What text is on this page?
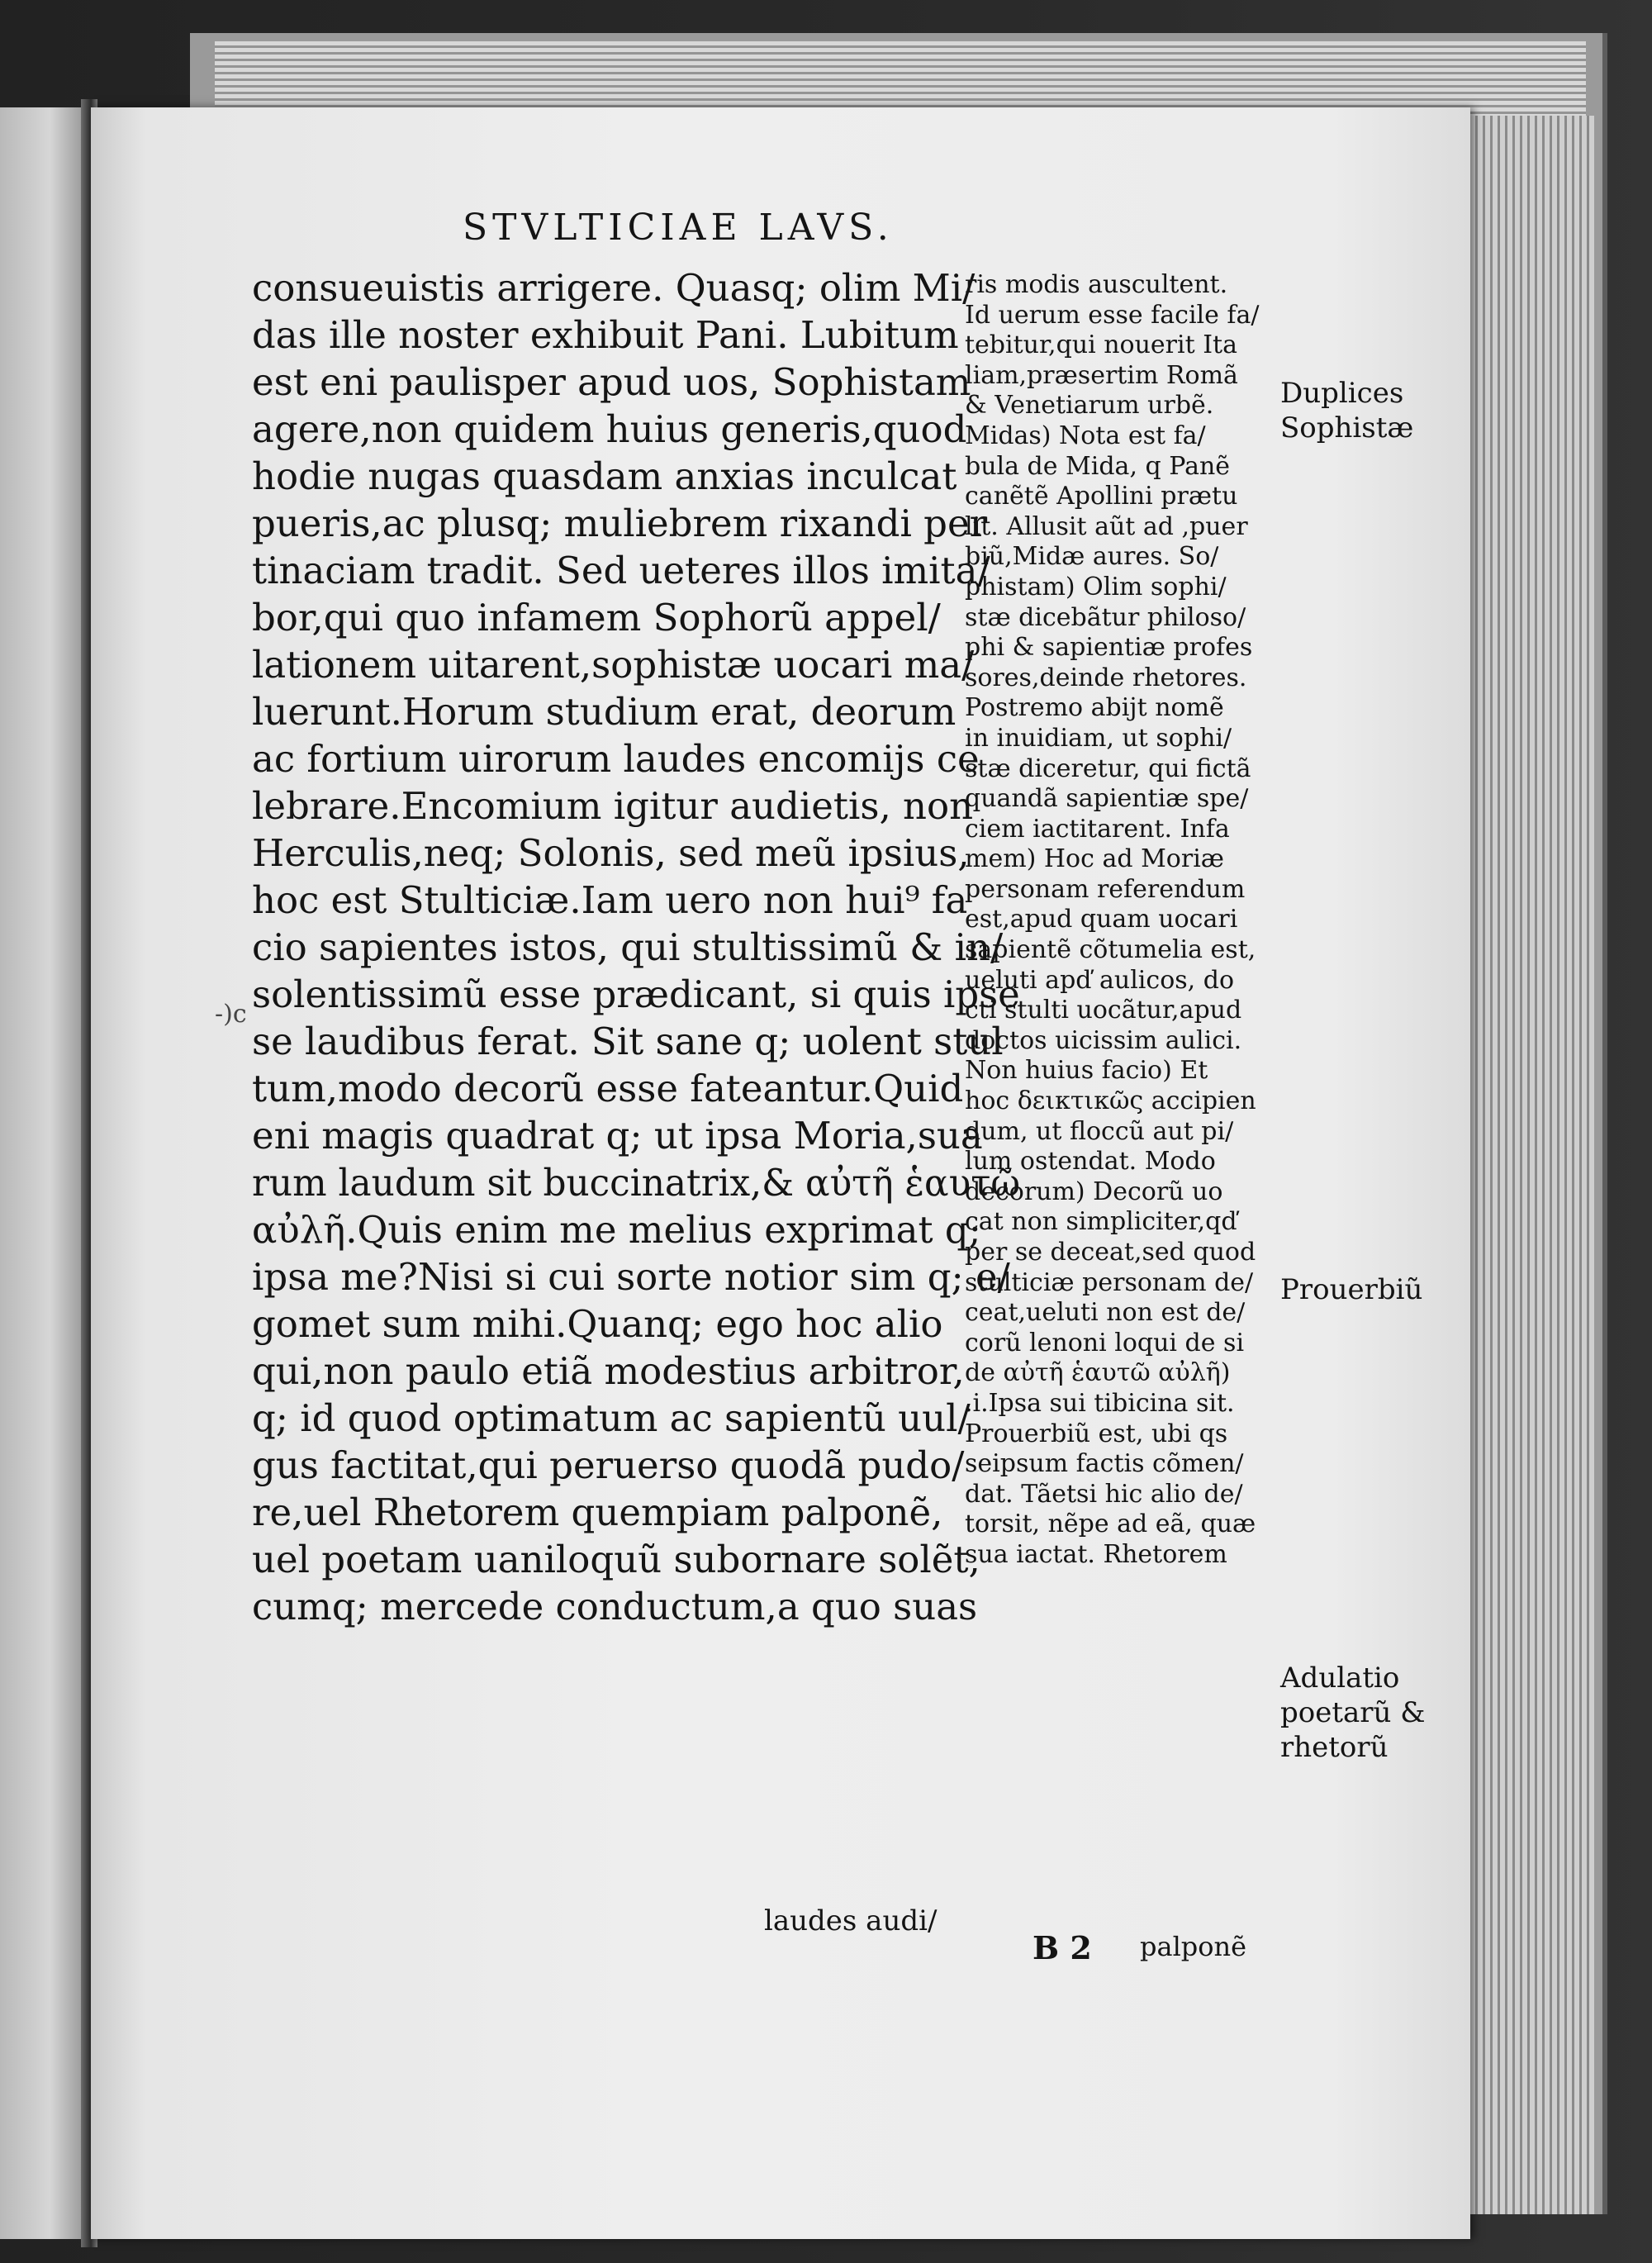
STVLTICIAE LAVS.
-)c
consueuistis arrigere. Quasq; olim Mi/
das ille noster exhibuit Pani. Lubitum
est eni paulisper apud uos, Sophistam
agere,non quidem huius generis,quod
hodie nugas quasdam anxias inculcat
pueris,ac plusq; muliebrem rixandi per
tinaciam tradit. Sed ueteres illos imita/
bor,qui quo infamem Sophorũ appel/
lationem uitarent,sophistæ uocari ma/
luerunt.Horum studium erat, deorum
ac fortium uirorum laudes encomijs ce
lebrare.Encomium igitur audietis, non
Herculis,neq; Solonis, sed meũ ipsius,
hoc est Stulticiæ.Iam uero non hui⁹ fa
cio sapientes istos, qui stultissimũ & in/
solentissimũ esse prædicant, si quis ipse
se laudibus ferat. Sit sane q; uolent stul
tum,modo decorũ esse fateantur.Quid
eni magis quadrat q; ut ipsa Moria,sua
rum laudum sit buccinatrix,& αὐτῆ ἑαυτῶ
αὐλῆ.Quis enim me melius exprimat q;
ipsa me?Nisi si cui sorte notior sim q; e/
gomet sum mihi.Quanq; ego hoc alio
qui,non paulo etiã modestius arbitror,
q; id quod optimatum ac sapientũ uul/
gus factitat,qui peruerso quodã pudo/
re,uel Rhetorem quempiam palponẽ,
uel poetam uaniloquũ subornare solẽt,
cumq; mercede conductum,a quo suas
laudes audi/
ris modis auscultent.
Id uerum esse facile fa/
tebitur,qui nouerit Ita
liam,præsertim Romã
& Venetiarum urbẽ.
Midas) Nota est fa/
bula de Mida, q Panẽ
canẽtẽ Apollini prætu
lit. Allusit aũt ad ,puer
biũ,Midæ aures. So/
phistam) Olim sophi/
stæ dicebãtur philoso/
phi & sapientiæ profes
sores,deinde rhetores.
Postremo abijt nomẽ
in inuidiam, ut sophi/
stæ diceretur, qui fictã
quandã sapientiæ spe/
ciem iactitarent. Infa
mem) Hoc ad Moriæ
personam referendum
est,apud quam uocari
sapientẽ cõtumelia est,
ueluti apď aulicos, do
cti stulti uocãtur,apud
doctos uicissim aulici.
Non huius facio) Et
hoc δεικτικῶς accipien
dum, ut floccũ aut pi/
lum ostendat. Modo
decorum) Decorũ uo
cat non simpliciter,qď
per se deceat,sed quod
stulticiæ personam de/
ceat,ueluti non est de/
corũ lenoni loqui de si
de αὐτῆ ἑαυτῶ αὐλῆ)
.i.Ipsa sui tibicina sit.
Prouerbiũ est, ubi qs
seipsum factis cõmen/
dat. Tãetsi hic alio de/
torsit, nẽpe ad eã, quæ
sua iactat. Rhetorem
B 2 palponẽ
Duplices
Sophistæ
Prouerbiũ
Adulatio
poetarũ &
rhetorũ
